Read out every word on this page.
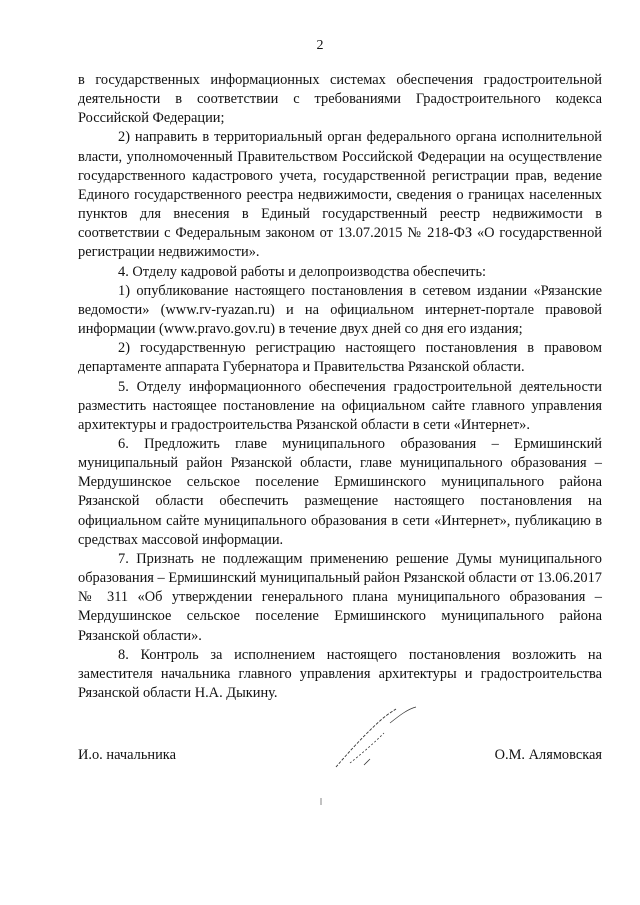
2

в государственных информационных системах обеспечения градостроительной деятельности в соответствии с требованиями Градостроительного кодекса Российской Федерации;

2) направить в территориальный орган федерального органа исполнительной власти, уполномоченный Правительством Российской Федерации на осуществление государственного кадастрового учета, государственной регистрации прав, ведение Единого государственного реестра недвижимости, сведения о границах населенных пунктов для внесения в Единый государственный реестр недвижимости в соответствии с Федеральным законом от 13.07.2015 № 218-ФЗ «О государственной регистрации недвижимости».

4. Отделу кадровой работы и делопроизводства обеспечить:

1) опубликование настоящего постановления в сетевом издании «Рязанские ведомости» (www.rv-ryazan.ru) и на официальном интернет-портале правовой информации (www.pravo.gov.ru) в течение двух дней со дня его издания;

2) государственную регистрацию настоящего постановления в правовом департаменте аппарата Губернатора и Правительства Рязанской области.

5. Отделу информационного обеспечения градостроительной деятельности разместить настоящее постановление на официальном сайте главного управления архитектуры и градостроительства Рязанской области в сети «Интернет».

6. Предложить главе муниципального образования – Ермишинский муниципальный район Рязанской области, главе муниципального образования – Мердушинское сельское поселение Ермишинского муниципального района Рязанской области обеспечить размещение настоящего постановления на официальном сайте муниципального образования в сети «Интернет», публикацию в средствах массовой информации.

7. Признать не подлежащим применению решение Думы муниципального образования – Ермишинский муниципальный район Рязанской области от 13.06.2017 № 311 «Об утверждении генерального плана муниципального образования – Мердушинское сельское поселение Ермишинского муниципального района Рязанской области».

8. Контроль за исполнением настоящего постановления возложить на заместителя начальника главного управления архитектуры и градостроительства Рязанской области Н.А. Дыкину.

И.о. начальника	О.М. Алямовская
